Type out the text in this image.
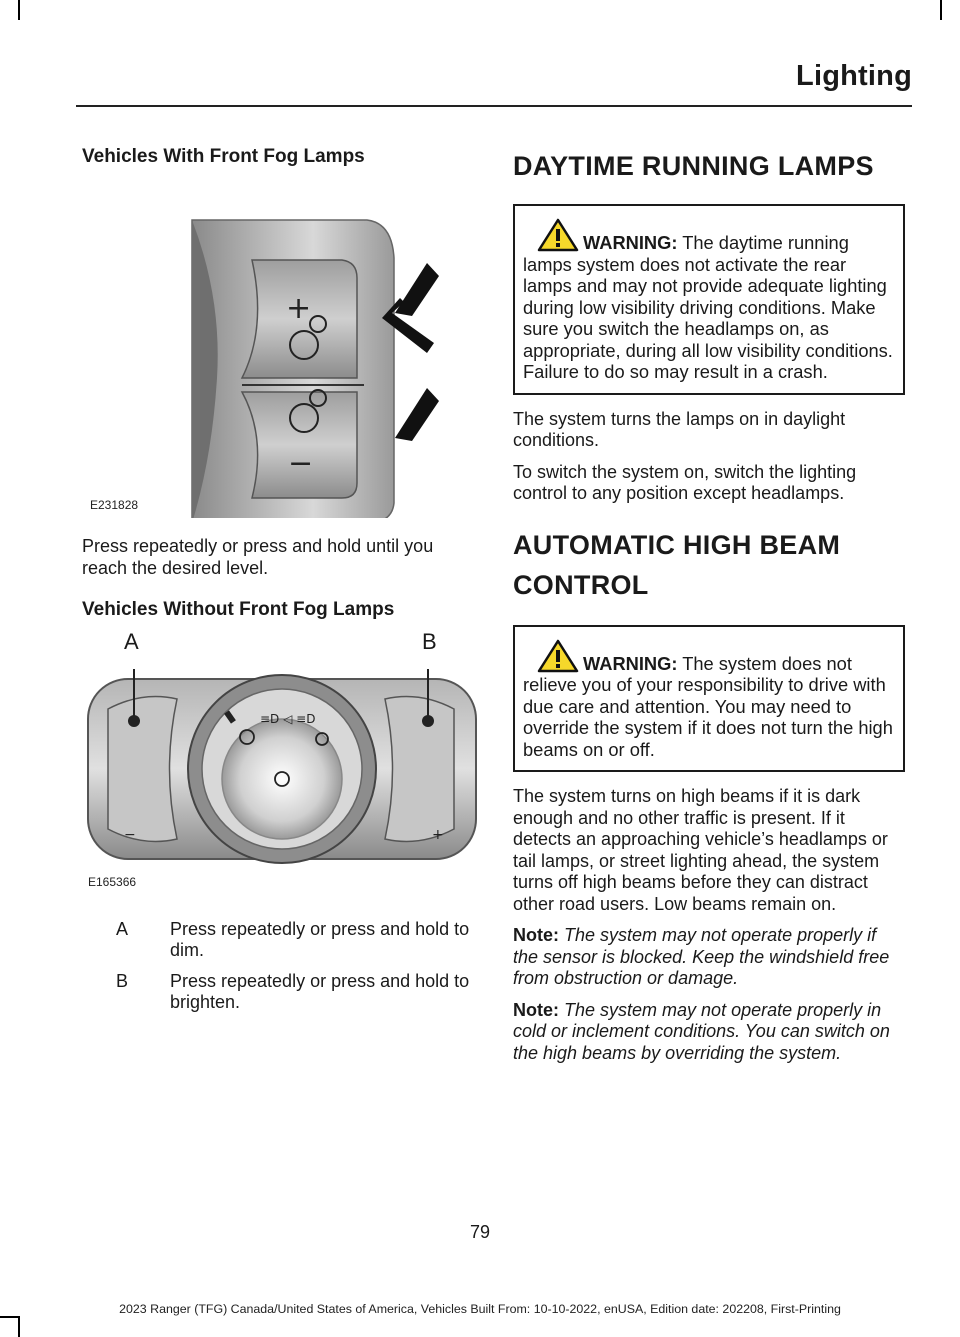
Lighting
Vehicles With Front Fog Lamps
+
−
E231828

Press repeatedly or press and hold until you reach the desired level.

Vehicles Without Front Fog Lamps
≡D ◁ ≡D
−	+
A	B
E165366
A Press repeatedly or press and hold to dim.
B Press repeatedly or press and hold to brighten.
DAYTIME RUNNING LAMPS

WARNING: The daytime running lamps system does not activate the rear lamps and may not provide adequate lighting during low visibility driving conditions. Make sure you switch the headlamps on, as appropriate, during all low visibility conditions. Failure to do so may result in a crash.

The system turns the lamps on in daylight conditions.

To switch the system on, switch the lighting control to any position except headlamps.

AUTOMATIC HIGH BEAM
CONTROL

WARNING: The system does not relieve you of your responsibility to drive with due care and attention. You may need to override the system if it does not turn the high beams on or off.

The system turns on high beams if it is dark enough and no other traffic is present. If it detects an approaching vehicle’s headlamps or tail lamps, or street lighting ahead, the system turns off high beams before they can distract other road users. Low beams remain on.

Note: The system may not operate properly if the sensor is blocked. Keep the windshield free from obstruction or damage.

Note: The system may not operate properly in cold or inclement conditions. You can switch on the high beams by overriding the system.

79
2023 Ranger (TFG) Canada/United States of America, Vehicles Built From: 10-10-2022, enUSA, Edition date: 202208, First-Printing
